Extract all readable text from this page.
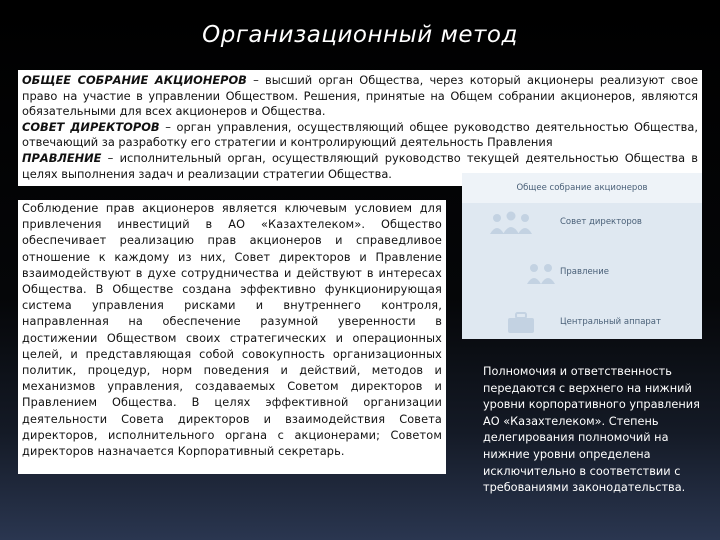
Организационный метод

ОБЩЕЕ СОБРАНИЕ АКЦИОНЕРОВ – высший орган Общества, через который акционеры реализуют свое право на участие в управлении Обществом. Решения, принятые на Общем собрании акционеров, являются обязательными для всех акционеров и Общества.

СОВЕТ ДИРЕКТОРОВ – орган управления, осуществляющий общее руководство деятельностью Общества, отвечающий за разработку его стратегии и контролирующий деятельность Правления

ПРАВЛЕНИЕ – исполнительный орган, осуществляющий руководство текущей деятельностью Общества в целях выполнения задач и реализации стратегии Общества.

Общее собрание акционеров
Совет директоров
Правление
Центральный аппарат
Соблюдение прав акционеров является ключевым условием для привлечения инвестиций в АО «Казахтелеком». Общество обеспечивает реализацию прав акционеров и справедливое отношение к каждому из них, Совет директоров и Правление взаимодействуют в духе сотрудничества и действуют в интересах Общества. В Обществе создана эффективно функционирующая система управления рисками и внутреннего контроля, направленная на обеспечение разумной уверенности в достижении Обществом своих стратегических и операционных целей, и представляющая собой совокупность организационных политик, процедур, норм поведения и действий, методов и механизмов управления, создаваемых Советом директоров и Правлением Общества. В целях эффективной организации деятельности Совета директоров и взаимодействия Совета директоров, исполнительного органа с акционерами; Советом директоров назначается Корпоративный секретарь.
Полномочия и ответственность передаются с верхнего на нижний уровни корпоративного управления АО «Казахтелеком». Степень делегирования полномочий на нижние уровни определена исключительно в соответствии с требованиями законодательства.
